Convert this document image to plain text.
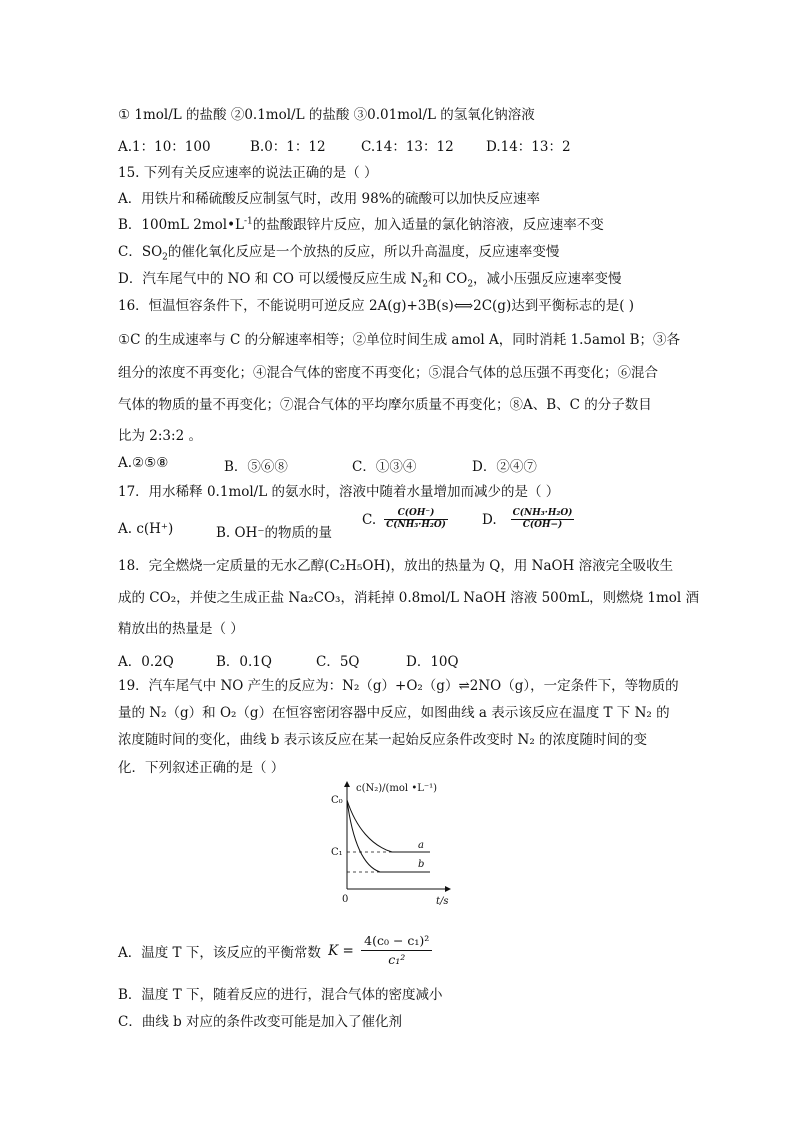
① 1mol/L 的盐酸 ②0.1mol/L 的盐酸 ③0.01mol/L 的氢氧化钠溶液
A.1：10：100	B.0：1：12	C.14：13：12 D.14：13：2
15. 下列有关反应速率的说法正确的是（ ）
A．用铁片和稀硫酸反应制氢气时，改用 98%的硫酸可以加快反应速率
B．100mL $2mol•L^{-1}$的盐酸跟锌片反应，加入适量的氯化钠溶液，反应速率不变
C．$SO_2$的催化氧化反应是一个放热的反应，所以升高温度，反应速率变慢
D．汽车尾气中的 NO 和 CO 可以缓慢反应生成 $N_2$和 $CO_2$，减小压强反应速率变慢
16．恒温恒容条件下，不能说明可逆反应 2A(g)+3B(s)⟺2C(g)达到平衡标志的是( )
①C 的生成速率与 C 的分解速率相等；②单位时间生成 amol A，同时消耗 1.5amol B；③各
组分的浓度不再变化；④混合气体的密度不再变化；⑤混合气体的总压强不再变化；⑥混合
气体的物质的量不再变化；⑦混合气体的平均摩尔质量不再变化；⑧A、B、C 的分子数目
比为 2:3:2 。
A.②⑤⑧	B．⑤⑥⑧	C．①③④	D．②④⑦
17．用水稀释 0.1mol/L 的氨水时，溶液中随着水量增加而减少的是（ ）
A. c(H⁺)	B. OH⁻的物质的量
C. $\frac{C(OH^-)}{\text{C(NH₃·H₂O)}}$	D. $\frac{\text{C(NH₃·H₂O)}}{C(OH-)}$
18．完全燃烧一定质量的无水乙醇(C₂H₅OH)，放出的热量为 Q，用 NaOH 溶液完全吸收生
成的 CO₂，并使之生成正盐 Na₂CO₃，消耗掉 0.8mol/L NaOH 溶液 500mL，则燃烧 1mol 酒
精放出的热量是（ ）
A．0.2Q	B．0.1Q	C．5Q	D．10Q
19．汽车尾气中 NO 产生的反应为：N₂（g）+O₂（g）⇌2NO（g），一定条件下，等物质的
量的 N₂（g）和 O₂（g）在恒容密闭容器中反应，如图曲线 a 表示该反应在温度 T 下 N₂ 的
浓度随时间的变化，曲线 b 表示该反应在某一起始反应条件改变时 N₂ 的浓度随时间的变
化．下列叙述正确的是（ ）
c(N₂)/(mol •L⁻¹)
C₀
C₁
a
b
0	t/s
A．温度 T 下，该反应的平衡常数 $K = \frac{\text{4(c₀ − c₁)²}}{\text{c₁²}}$
B．温度 T 下，随着反应的进行，混合气体的密度减小
C．曲线 b 对应的条件改变可能是加入了催化剂
